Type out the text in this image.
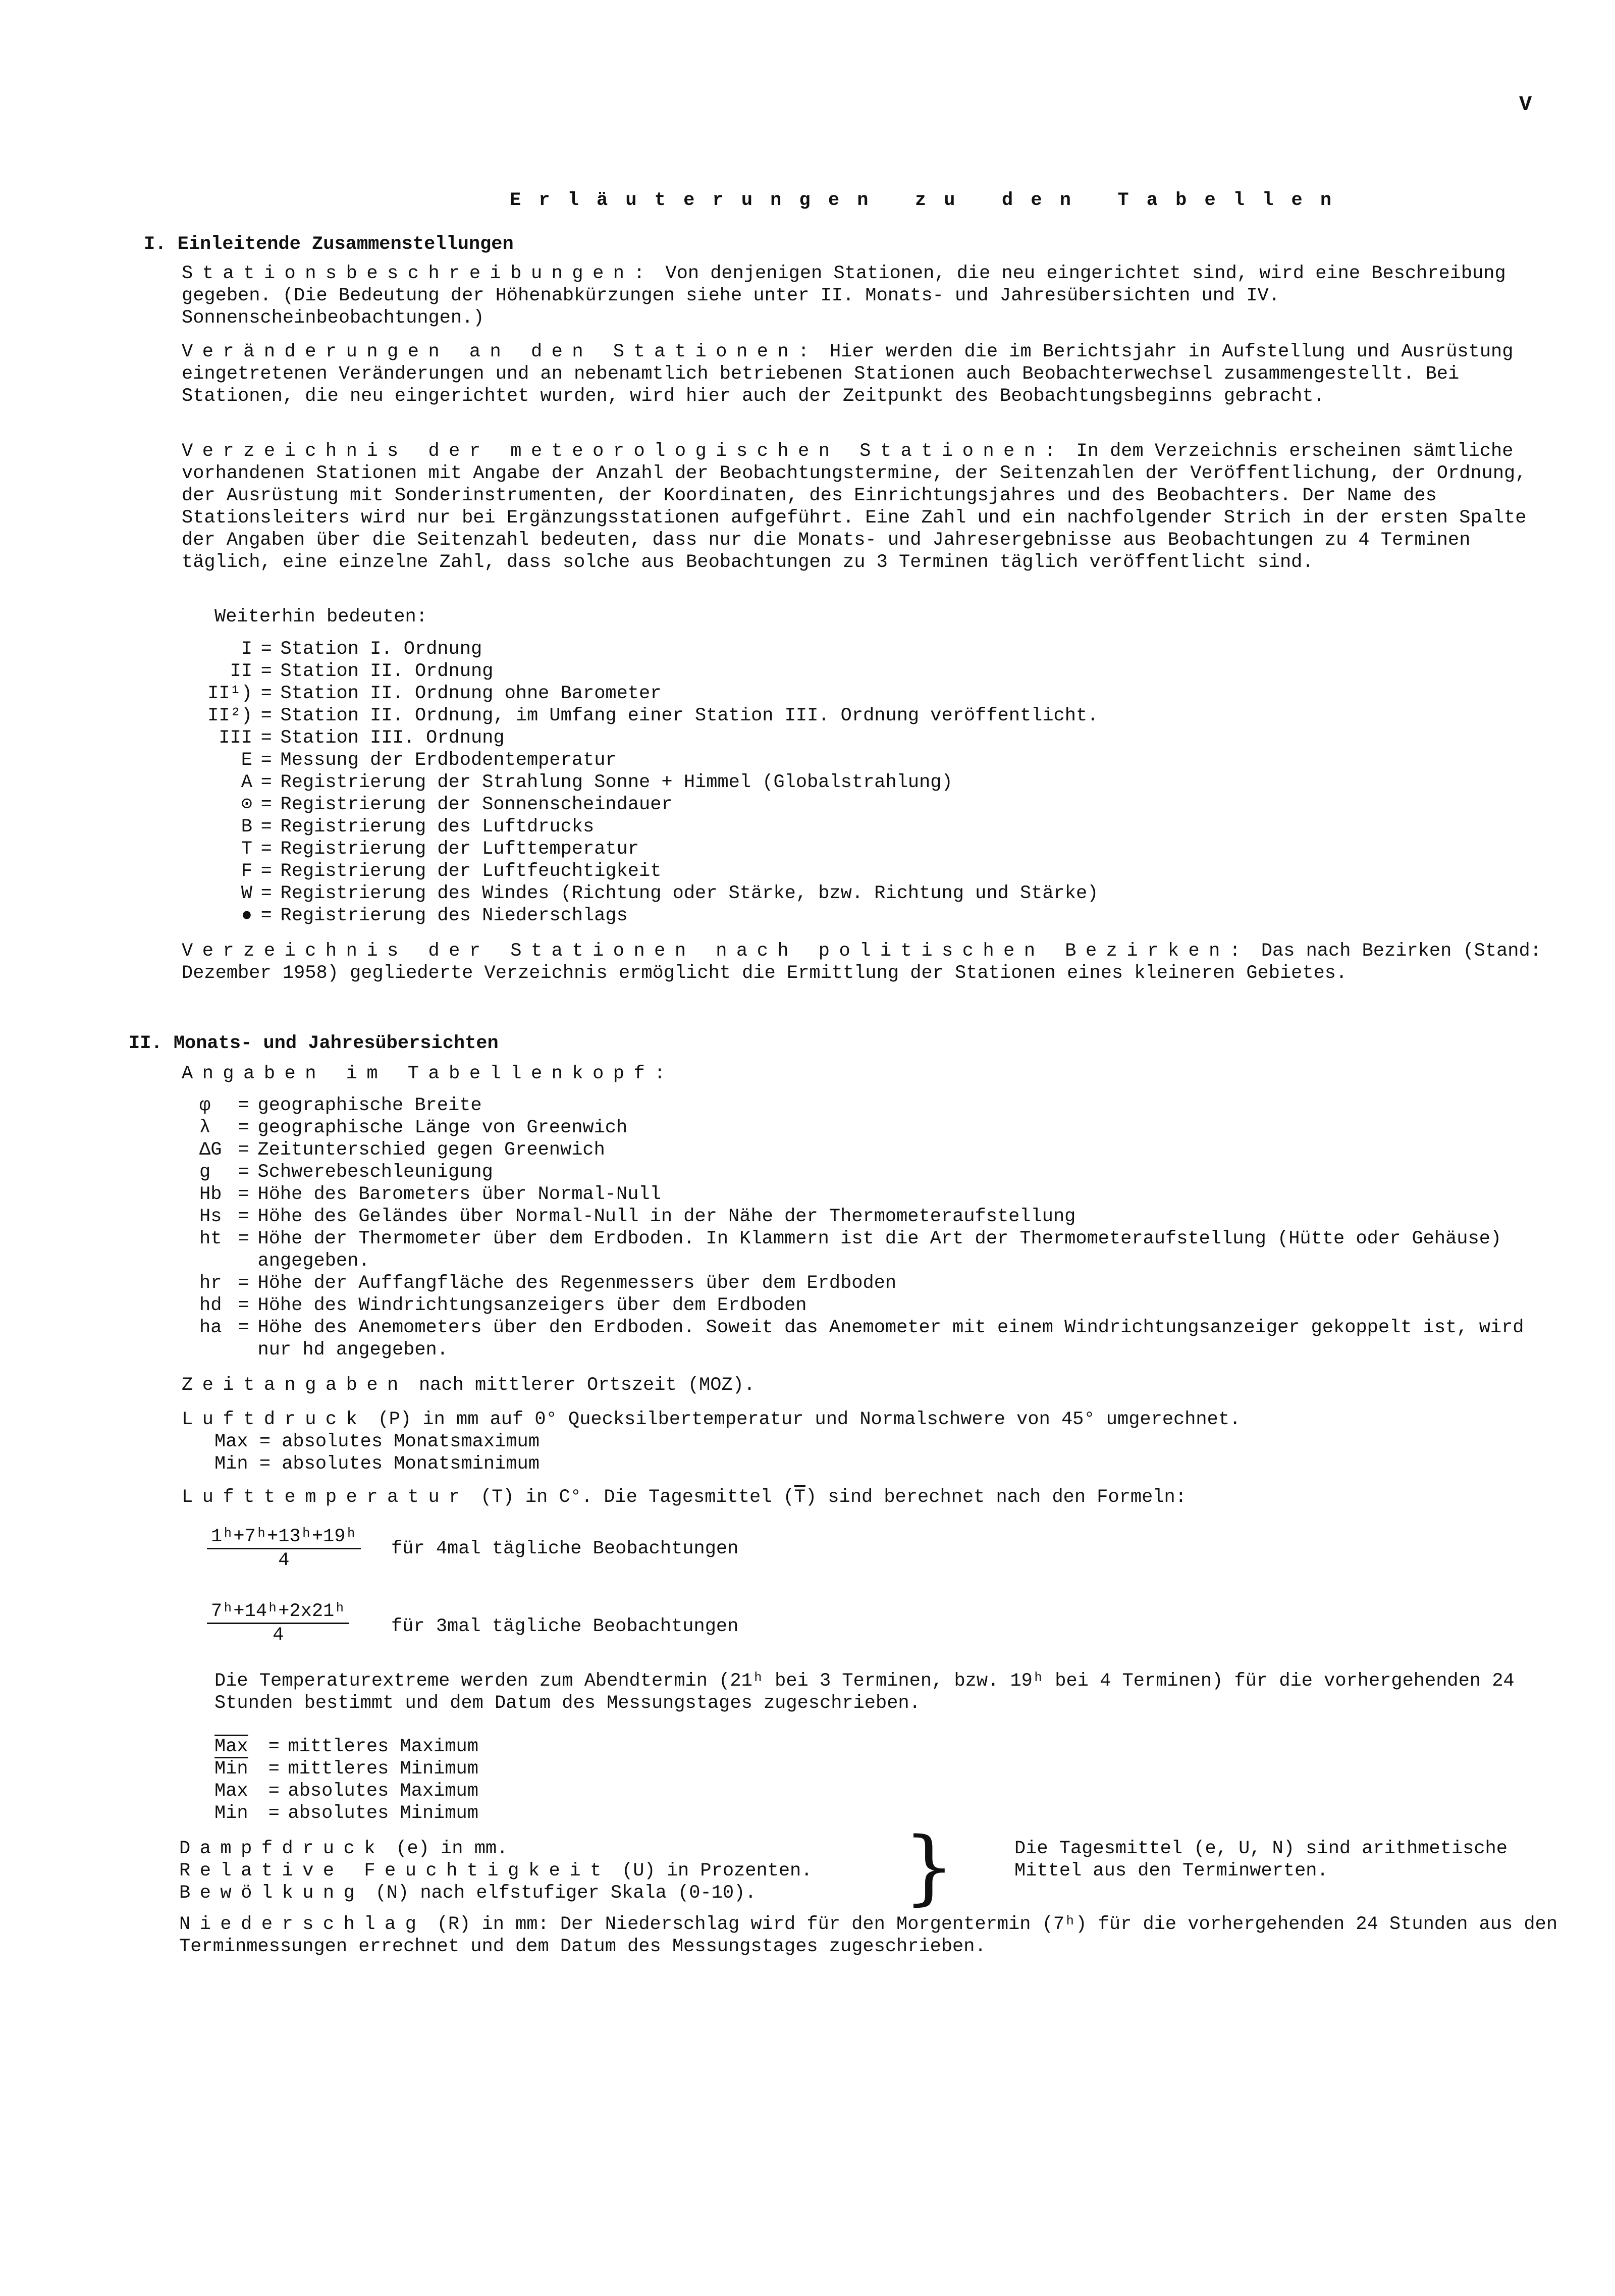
V
Erläuterungen zu den Tabellen
I. Einleitende Zusammenstellungen

Stationsbeschreibungen: Von denjenigen Stationen, die neu eingerichtet sind, wird eine Beschreibung gegeben. (Die Bedeutung der Höhenabkürzungen siehe unter II. Monats- und Jahresübersichten und IV. Sonnenscheinbeobachtungen.)

Veränderungen an den Stationen: Hier werden die im Berichtsjahr in Aufstellung und Ausrüstung eingetretenen Veränderungen und an nebenamtlich betriebenen Stationen auch Beobachterwechsel zusammengestellt. Bei Stationen, die neu eingerichtet wurden, wird hier auch der Zeitpunkt des Beobachtungsbeginns gebracht.

Verzeichnis der meteorologischen Stationen: In dem Verzeichnis erscheinen sämtliche vorhandenen Stationen mit Angabe der Anzahl der Beobachtungstermine, der Seitenzahlen der Veröffentlichung, der Ordnung, der Ausrüstung mit Sonderinstrumenten, der Koordinaten, des Einrichtungsjahres und des Beobachters. Der Name des Stationsleiters wird nur bei Ergänzungsstationen aufgeführt. Eine Zahl und ein nachfolgender Strich in der ersten Spalte der Angaben über die Seitenzahl bedeuten, dass nur die Monats- und Jahresergebnisse aus Beobachtungen zu 4 Terminen täglich, eine einzelne Zahl, dass solche aus Beobachtungen zu 3 Terminen täglich veröffentlicht sind.

Weiterhin bedeuten:
I = Station I. Ordnung
II = Station II. Ordnung
II¹) = Station II. Ordnung ohne Barometer
II²) = Station II. Ordnung, im Umfang einer Station III. Ordnung veröffentlicht.
III = Station III. Ordnung
E = Messung der Erdbodentemperatur
A = Registrierung der Strahlung Sonne + Himmel (Globalstrahlung)
⊙ = Registrierung der Sonnenscheindauer
B = Registrierung des Luftdrucks
T = Registrierung der Lufttemperatur
F = Registrierung der Luftfeuchtigkeit
W = Registrierung des Windes (Richtung oder Stärke, bzw. Richtung und Stärke)
● = Registrierung des Niederschlags

Verzeichnis der Stationen nach politischen Bezirken: Das nach Bezirken (Stand: Dezember 1958) gegliederte Verzeichnis ermöglicht die Ermittlung der Stationen eines kleineren Gebietes.

II. Monats- und Jahresübersichten
Angaben im Tabellenkopf:
φ	= geographische Breite
λ	= geographische Länge von Greenwich
ΔG = Zeitunterschied gegen Greenwich
g	= Schwerebeschleunigung
Hb = Höhe des Barometers über Normal-Null
Hs = Höhe des Geländes über Normal-Null in der Nähe der Thermometeraufstellung
ht = Höhe der Thermometer über dem Erdboden. In Klammern ist die Art der Thermometeraufstellung (Hütte oder Gehäuse) angegeben.
hr = Höhe der Auffangfläche des Regenmessers über dem Erdboden
hd = Höhe des Windrichtungsanzeigers über dem Erdboden
ha = Höhe des Anemometers über den Erdboden. Soweit das Anemometer mit einem Windrichtungsanzeiger gekoppelt ist, wird nur hd angegeben.
Zeitangaben nach mittlerer Ortszeit (MOZ).
Luftdruck (P) in mm auf 0° Quecksilbertemperatur und Normalschwere von 45° umgerechnet.
Max = absolutes Monatsmaximum
Min = absolutes Monatsminimum
Lufttemperatur (T) in C°. Die Tagesmittel $(\overline{T})$ sind berechnet nach den Formeln:
$\frac{\text{1ʰ+7ʰ+13ʰ+19ʰ}}{4}$ für 4mal tägliche Beobachtungen
$\frac{\text{7ʰ+14ʰ+2x21ʰ}}{4}$ für 3mal tägliche Beobachtungen

Die Temperaturextreme werden zum Abendtermin (21ʰ bei 3 Terminen, bzw. 19ʰ bei 4 Terminen) für die vorhergehenden 24 Stunden bestimmt und dem Datum des Messungstages zugeschrieben.

$\overline{Max}$	= mittleres Maximum
$\overline{Min}$	= mittleres Minimum
Max	= absolutes Maximum
Min	= absolutes Minimum
Dampfdruck (e) in mm.
Relative Feuchtigkeit (U) in Prozenten.
Bewölkung (N) nach elfstufiger Skala (0-10). }	Die Tagesmittel (e, U, N) sind arithmetische Mittel aus den Terminwerten.

Niederschlag (R) in mm: Der Niederschlag wird für den Morgentermin (7ʰ) für die vorhergehenden 24 Stunden aus den Terminmessungen errechnet und dem Datum des Messungstages zugeschrieben.
